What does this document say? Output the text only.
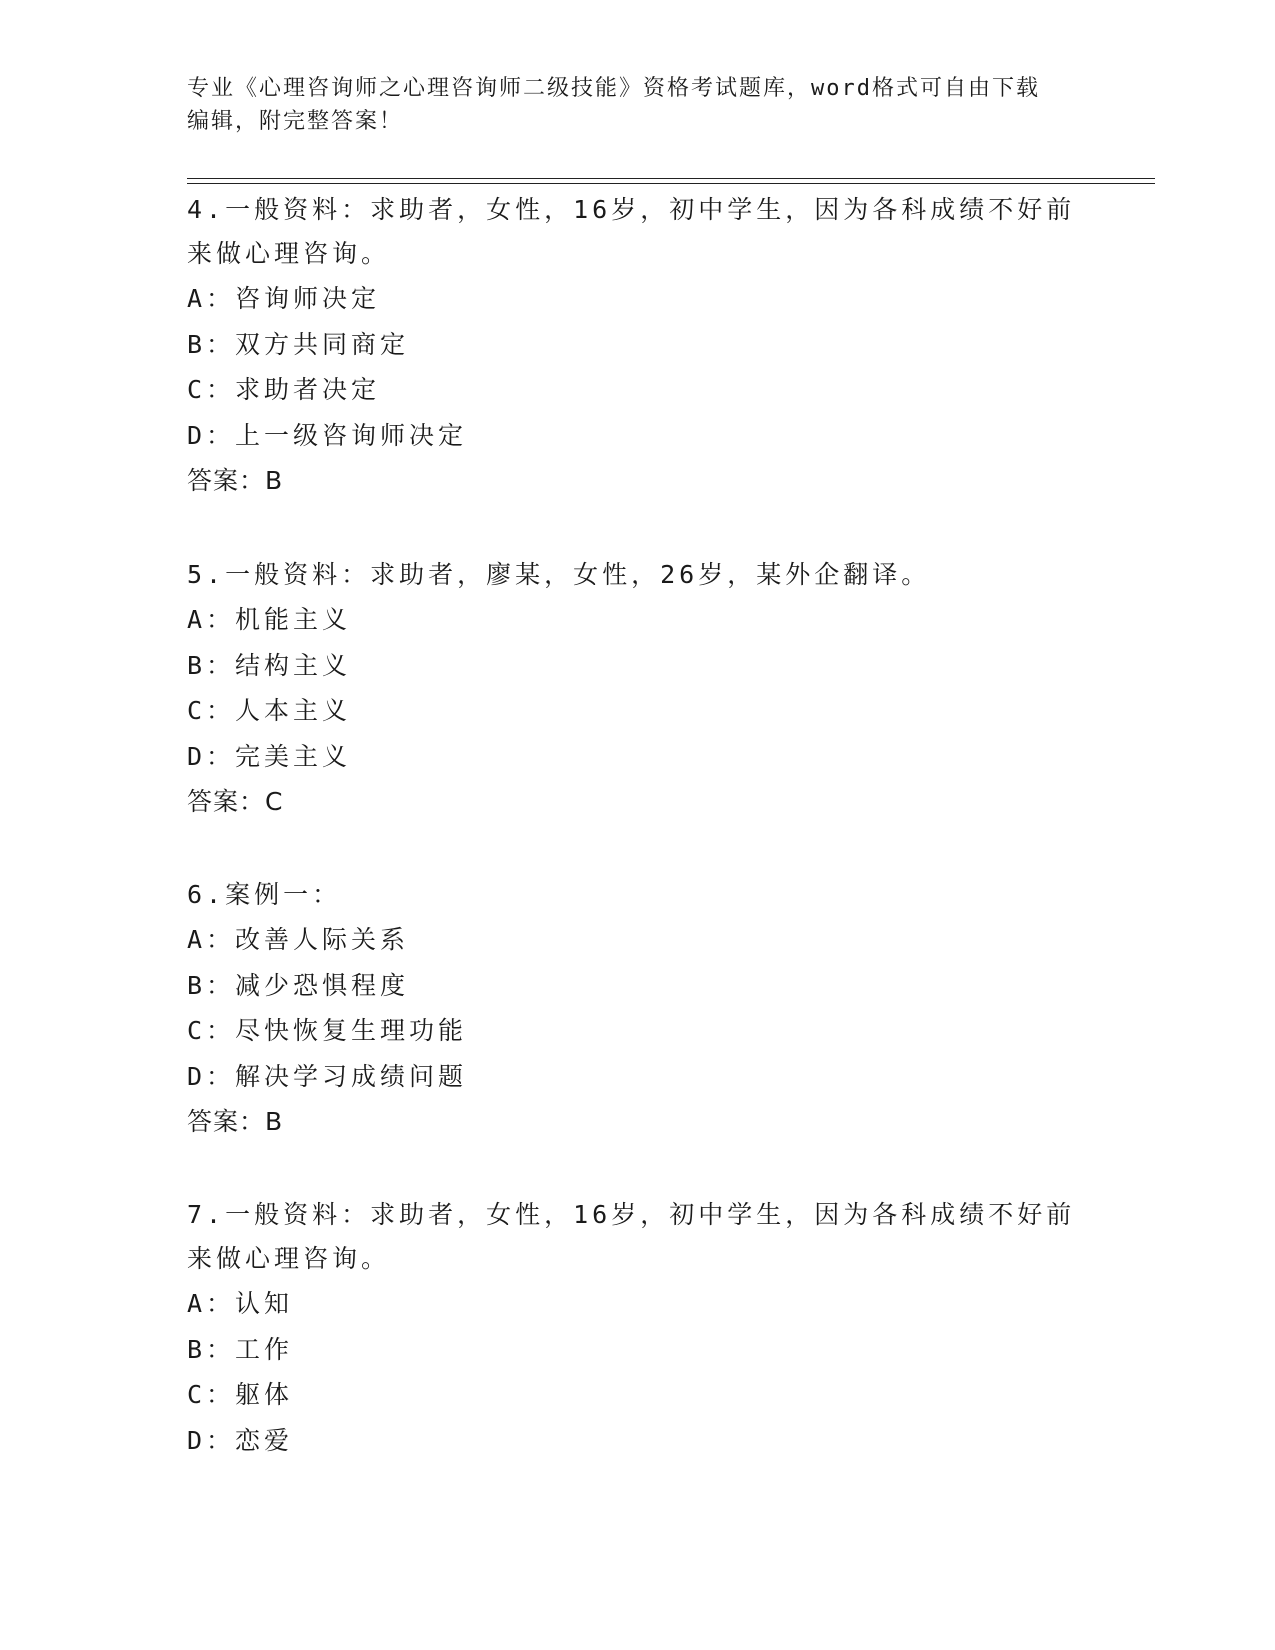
专业《心理咨询师之心理咨询师二级技能》资格考试题库，word格式可自由下载
编辑，附完整答案！

4.一般资料：求助者，女性，16岁，初中学生，因为各科成绩不好前

来做心理咨询。

A：咨询师决定

B：双方共同商定

C：求助者决定

D：上一级咨询师决定

答案：B

5.一般资料：求助者，廖某，女性，26岁，某外企翻译。

A：机能主义

B：结构主义

C：人本主义

D：完美主义

答案：C

6.案例一：

A：改善人际关系

B：减少恐惧程度

C：尽快恢复生理功能

D：解决学习成绩问题

答案：B

7.一般资料：求助者，女性，16岁，初中学生，因为各科成绩不好前

来做心理咨询。

A：认知

B：工作

C：躯体

D：恋爱
